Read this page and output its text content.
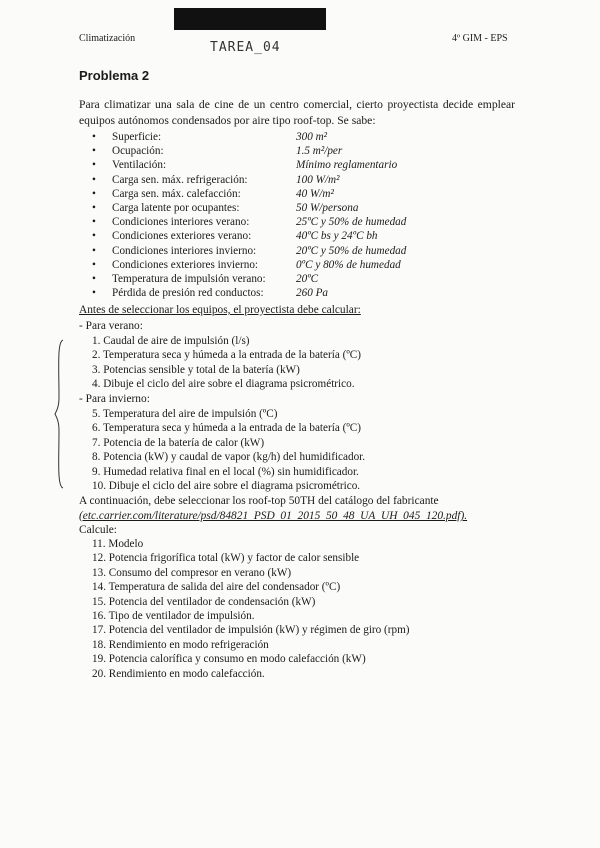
Climatización	4º GIM - EPS
TAREA_04
Problema 2
Para climatizar una sala de cine de un centro comercial, cierto proyectista decide emplear equipos autónomos condensados por aire tipo roof-top. Se sabe:
• Superficie:	300 m²
• Ocupación:	1.5 m²/per
• Ventilación:	Mínimo reglamentario
• Carga sen. máx. refrigeración:	100 W/m²
• Carga sen. máx. calefacción:	40 W/m²
• Carga latente por ocupantes:	50 W/persona
• Condiciones interiores verano:	25ºC y 50% de humedad
• Condiciones exteriores verano:	40ºC bs y 24ºC bh
• Condiciones interiores invierno:	20ºC y 50% de humedad
• Condiciones exteriores invierno:	0ºC y 80% de humedad
• Temperatura de impulsión verano:	20ºC
• Pérdida de presión red conductos:	260 Pa
Antes de seleccionar los equipos, el proyectista debe calcular:
- Para verano:
1. Caudal de aire de impulsión (l/s)
2. Temperatura seca y húmeda a la entrada de la batería (ºC)
3. Potencias sensible y total de la batería (kW)
4. Dibuje el ciclo del aire sobre el diagrama psicrométrico.
- Para invierno:
5. Temperatura del aire de impulsión (ºC)
6. Temperatura seca y húmeda a la entrada de la batería (ºC)
7. Potencia de la batería de calor (kW)
8. Potencia (kW) y caudal de vapor (kg/h) del humidificador.
9. Humedad relativa final en el local (%) sin humidificador.
10. Dibuje el ciclo del aire sobre el diagrama psicrométrico.
A continuación, debe seleccionar los roof-top 50TH del catálogo del fabricante
(etc.carrier.com/literature/psd/84821_PSD_01_2015_50_48_UA_UH_045_120.pdf).
Calcule:
11. Modelo
12. Potencia frigorífica total (kW) y factor de calor sensible
13. Consumo del compresor en verano (kW)
14. Temperatura de salida del aire del condensador (ºC)
15. Potencia del ventilador de condensación (kW)
16. Tipo de ventilador de impulsión.
17. Potencia del ventilador de impulsión (kW) y régimen de giro (rpm)
18. Rendimiento en modo refrigeración
19. Potencia calorífica y consumo en modo calefacción (kW)
20. Rendimiento en modo calefacción.
